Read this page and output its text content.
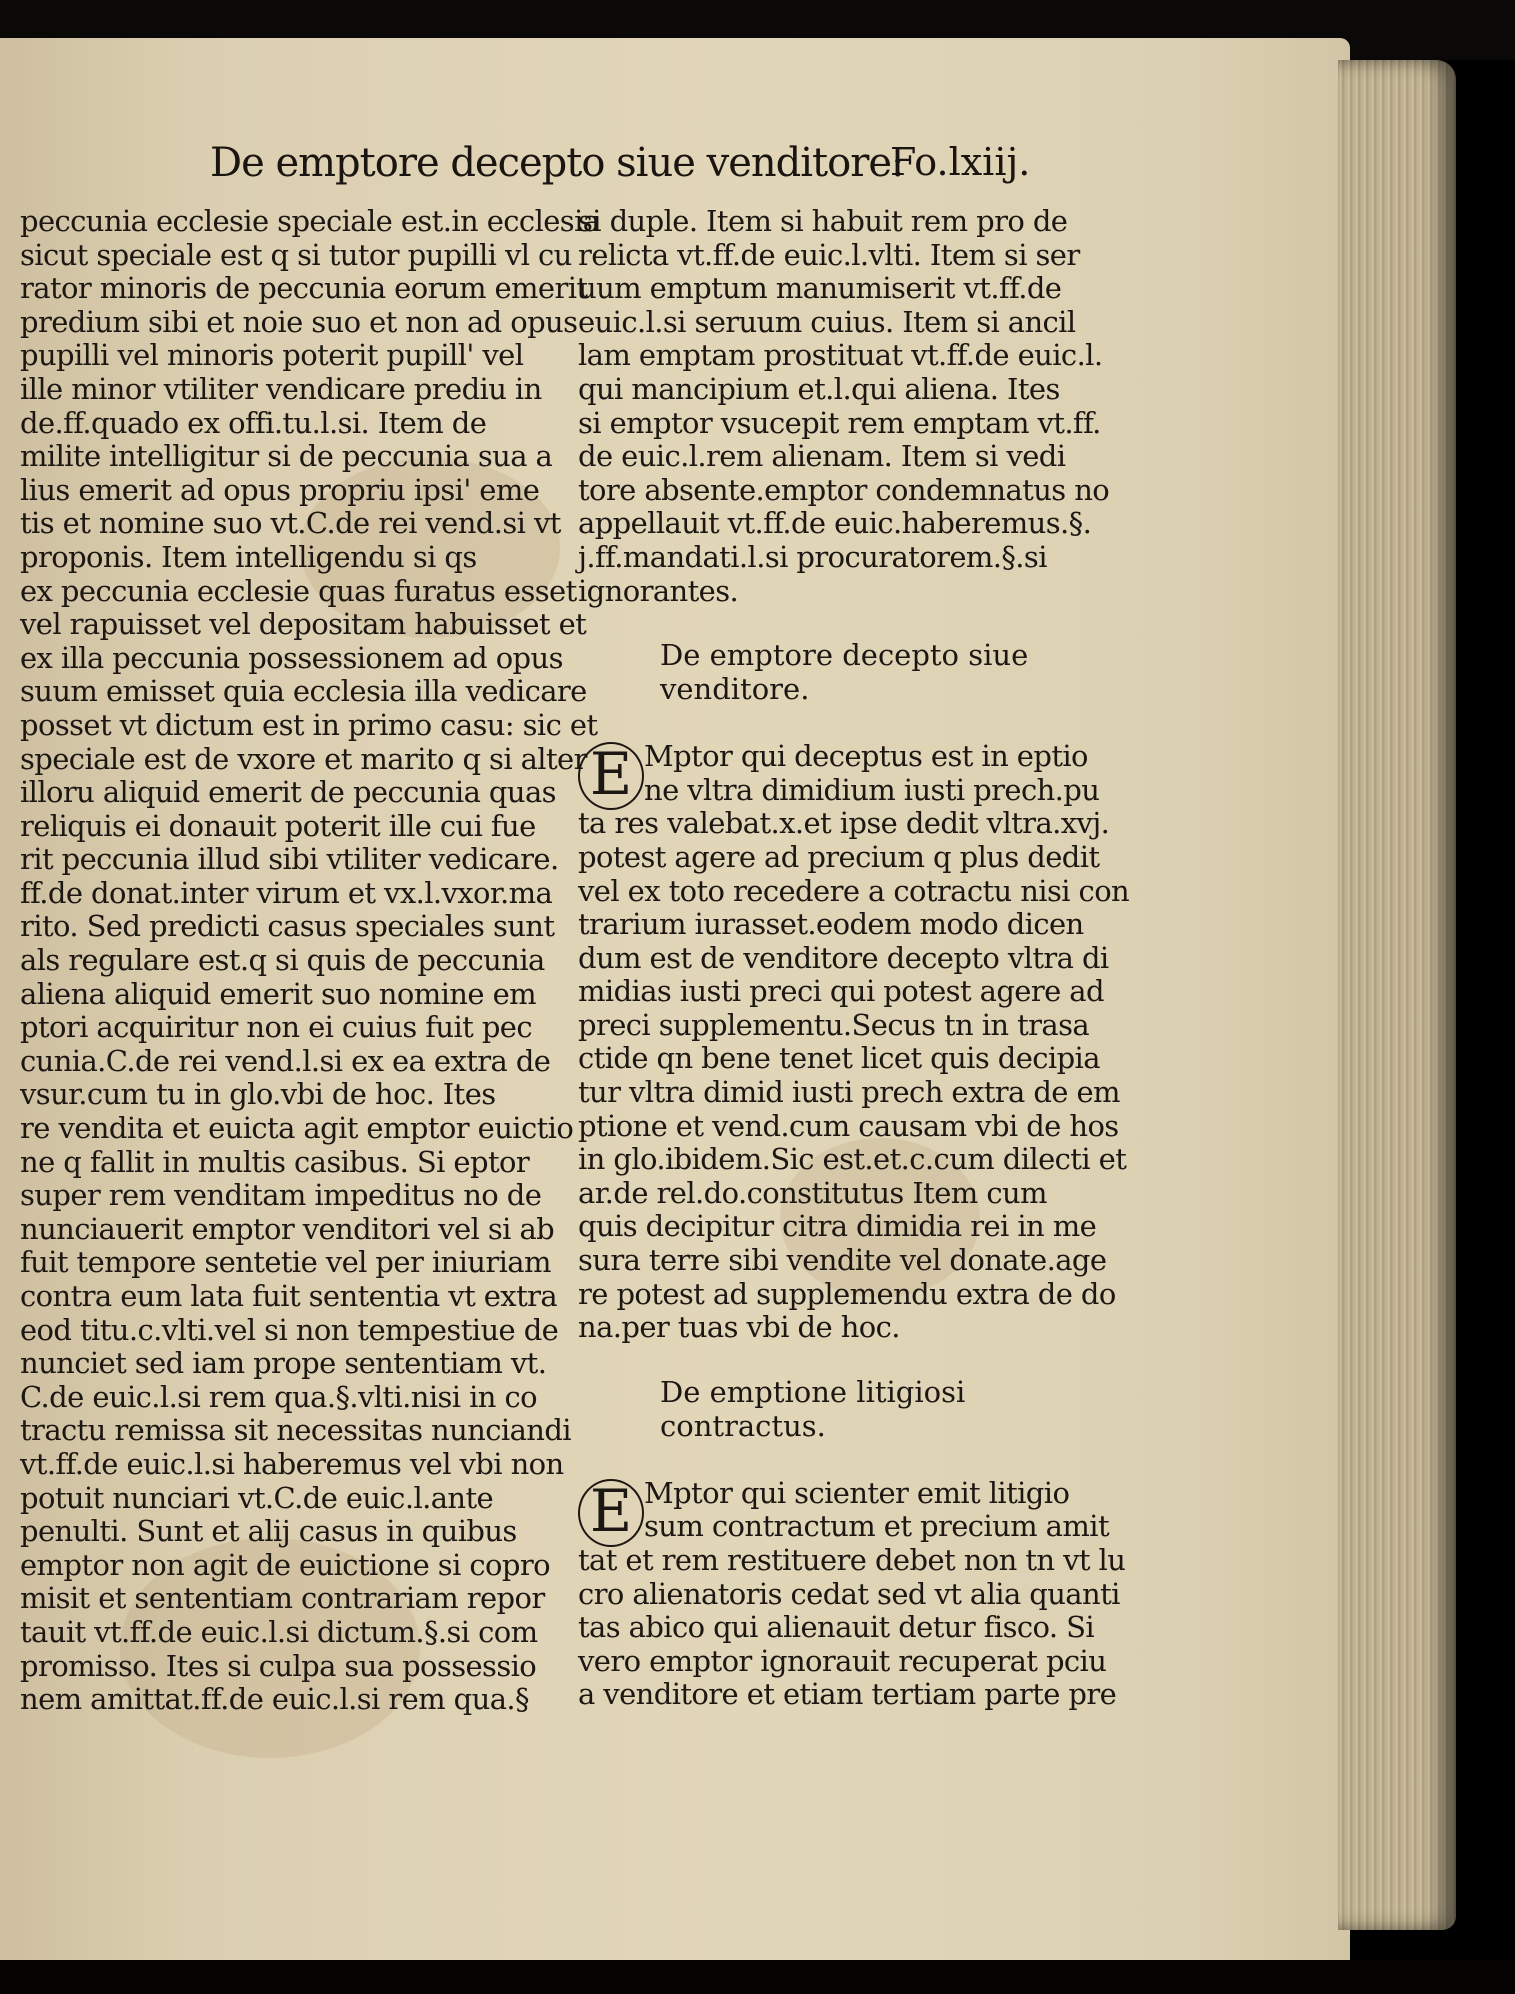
De emptore decepto siue venditore:
Fo.lxiij.

peccunia ecclesie speciale est.in ecclesia

sicut speciale est q si tutor pupilli vl cu

rator minoris de peccunia eorum emerit

predium sibi et noie suo et non ad opus

pupilli vel minoris poterit pupill' vel

ille minor vtiliter vendicare prediu in

de.ff.quado ex offi.tu.l.si. Item de

milite intelligitur si de peccunia sua a

lius emerit ad opus propriu ipsi' eme

tis et nomine suo vt.C.de rei vend.si vt

proponis. Item intelligendu si qs

ex peccunia ecclesie quas furatus esset

vel rapuisset vel depositam habuisset et

ex illa peccunia possessionem ad opus

suum emisset quia ecclesia illa vedicare

posset vt dictum est in primo casu: sic et

speciale est de vxore et marito q si alter

illoru aliquid emerit de peccunia quas

reliquis ei donauit poterit ille cui fue

rit peccunia illud sibi vtiliter vedicare.

ff.de donat.inter virum et vx.l.vxor.ma

rito. Sed predicti casus speciales sunt

als regulare est.q si quis de peccunia

aliena aliquid emerit suo nomine em

ptori acquiritur non ei cuius fuit pec

cunia.C.de rei vend.l.si ex ea extra de

vsur.cum tu in glo.vbi de hoc. Ites

re vendita et euicta agit emptor euictio

ne q fallit in multis casibus. Si eptor

super rem venditam impeditus no de

nunciauerit emptor venditori vel si ab

fuit tempore sentetie vel per iniuriam

contra eum lata fuit sententia vt extra

eod titu.c.vlti.vel si non tempestiue de

nunciet sed iam prope sententiam vt.

C.de euic.l.si rem qua.§.vlti.nisi in co

tractu remissa sit necessitas nunciandi

vt.ff.de euic.l.si haberemus vel vbi non

potuit nunciari vt.C.de euic.l.ante

penulti. Sunt et alij casus in quibus

emptor non agit de euictione si copro

misit et sententiam contrariam repor

tauit vt.ff.de euic.l.si dictum.§.si com

promisso. Ites si culpa sua possessio

nem amittat.ff.de euic.l.si rem qua.§

si duple. Item si habuit rem pro de

relicta vt.ff.de euic.l.vlti. Item si ser

uum emptum manumiserit vt.ff.de

euic.l.si seruum cuius. Item si ancil

lam emptam prostituat vt.ff.de euic.l.

qui mancipium et.l.qui aliena. Ites

si emptor vsucepit rem emptam vt.ff.

de euic.l.rem alienam. Item si vedi

tore absente.emptor condemnatus no

appellauit vt.ff.de euic.haberemus.§.

j.ff.mandati.l.si procuratorem.§.si

ignorantes.

De emptore decepto siue
venditore.
E Mptor qui deceptus est in eptio

ne vltra dimidium iusti prech.pu

ta res valebat.x.et ipse dedit vltra.xvj.

potest agere ad precium q plus dedit

vel ex toto recedere a cotractu nisi con

trarium iurasset.eodem modo dicen

dum est de venditore decepto vltra di

midias iusti preci qui potest agere ad

preci supplementu.Secus tn in trasa

ctide qn bene tenet licet quis decipia

tur vltra dimid iusti prech extra de em

ptione et vend.cum causam vbi de hos

in glo.ibidem.Sic est.et.c.cum dilecti et

ar.de rel.do.constitutus Item cum

quis decipitur citra dimidia rei in me

sura terre sibi vendite vel donate.age

re potest ad supplemendu extra de do

na.per tuas vbi de hoc.

De emptione litigiosi
contractus.
E Mptor qui scienter emit litigio

sum contractum et precium amit

tat et rem restituere debet non tn vt lu

cro alienatoris cedat sed vt alia quanti

tas abico qui alienauit detur fisco. Si

vero emptor ignorauit recuperat pciu

a venditore et etiam tertiam parte pre
